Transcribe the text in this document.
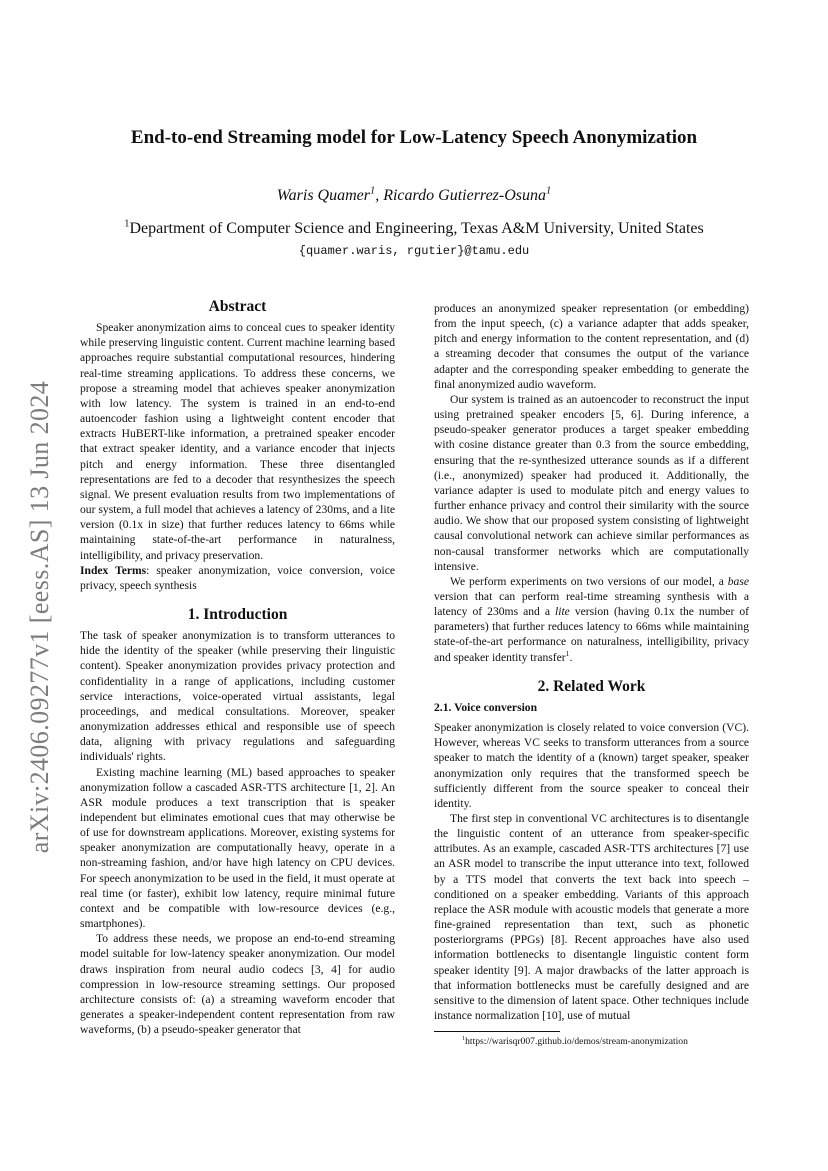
arXiv:2406.09277v1 [eess.AS] 13 Jun 2024
End-to-end Streaming model for Low-Latency Speech Anonymization
Waris Quamer$^1$, Ricardo Gutierrez-Osuna$^1$
$^1$Department of Computer Science and Engineering, Texas A&M University, United States
{quamer.waris, rgutier}@tamu.edu
Abstract

Speaker anonymization aims to conceal cues to speaker identity while preserving linguistic content. Current machine learning based approaches require substantial computational resources, hindering real-time streaming applications. To address these concerns, we propose a streaming model that achieves speaker anonymization with low latency. The system is trained in an end-to-end autoencoder fashion using a lightweight content encoder that extracts HuBERT-like information, a pretrained speaker encoder that extract speaker identity, and a variance encoder that injects pitch and energy information. These three disentangled representations are fed to a decoder that resynthesizes the speech signal. We present evaluation results from two implementations of our system, a full model that achieves a latency of 230ms, and a lite version (0.1x in size) that further reduces latency to 66ms while maintaining state-of-the-art performance in naturalness, intelligibility, and privacy preservation.

Index Terms: speaker anonymization, voice conversion, voice privacy, speech synthesis

1. Introduction

The task of speaker anonymization is to transform utterances to hide the identity of the speaker (while preserving their linguistic content). Speaker anonymization provides privacy protection and confidentiality in a range of applications, including customer service interactions, voice-operated virtual assistants, legal proceedings, and medical consultations. Moreover, speaker anonymization addresses ethical and responsible use of speech data, aligning with privacy regulations and safeguarding individuals' rights.

Existing machine learning (ML) based approaches to speaker anonymization follow a cascaded ASR-TTS architecture [1, 2]. An ASR module produces a text transcription that is speaker independent but eliminates emotional cues that may otherwise be of use for downstream applications. Moreover, existing systems for speaker anonymization are computationally heavy, operate in a non-streaming fashion, and/or have high latency on CPU devices. For speech anonymization to be used in the field, it must operate at real time (or faster), exhibit low latency, require minimal future context and be compatible with low-resource devices (e.g., smartphones).

To address these needs, we propose an end-to-end streaming model suitable for low-latency speaker anonymization. Our model draws inspiration from neural audio codecs [3, 4] for audio compression in low-resource streaming settings. Our proposed architecture consists of: (a) a streaming waveform encoder that generates a speaker-independent content representation from raw waveforms, (b) a pseudo-speaker generator that

produces an anonymized speaker representation (or embedding) from the input speech, (c) a variance adapter that adds speaker, pitch and energy information to the content representation, and (d) a streaming decoder that consumes the output of the variance adapter and the corresponding speaker embedding to generate the final anonymized audio waveform.

Our system is trained as an autoencoder to reconstruct the input using pretrained speaker encoders [5, 6]. During inference, a pseudo-speaker generator produces a target speaker embedding with cosine distance greater than 0.3 from the source embedding, ensuring that the re-synthesized utterance sounds as if a different (i.e., anonymized) speaker had produced it. Additionally, the variance adapter is used to modulate pitch and energy values to further enhance privacy and control their similarity with the source audio. We show that our proposed system consisting of lightweight causal convolutional network can achieve similar performances as non-causal transformer networks which are computationally intensive.

We perform experiments on two versions of our model, a base version that can perform real-time streaming synthesis with a latency of 230ms and a lite version (having 0.1x the number of parameters) that further reduces latency to 66ms while maintaining state-of-the-art performance on naturalness, intelligibility, privacy and speaker identity transfer$^1$.

2. Related Work
2.1. Voice conversion

Speaker anonymization is closely related to voice conversion (VC). However, whereas VC seeks to transform utterances from a source speaker to match the identity of a (known) target speaker, speaker anonymization only requires that the transformed speech be sufficiently different from the source speaker to conceal their identity.

The first step in conventional VC architectures is to disentangle the linguistic content of an utterance from speaker-specific attributes. As an example, cascaded ASR-TTS architectures [7] use an ASR model to transcribe the input utterance into text, followed by a TTS model that converts the text back into speech –conditioned on a speaker embedding. Variants of this approach replace the ASR module with acoustic models that generate a more fine-grained representation than text, such as phonetic posteriorgrams (PPGs) [8]. Recent approaches have also used information bottlenecks to disentangle linguistic content form speaker identity [9]. A major drawbacks of the latter approach is that information bottlenecks must be carefully designed and are sensitive to the dimension of latent space. Other techniques include instance normalization [10], use of mutual

$^1$https://warisqr007.github.io/demos/stream-anonymization
